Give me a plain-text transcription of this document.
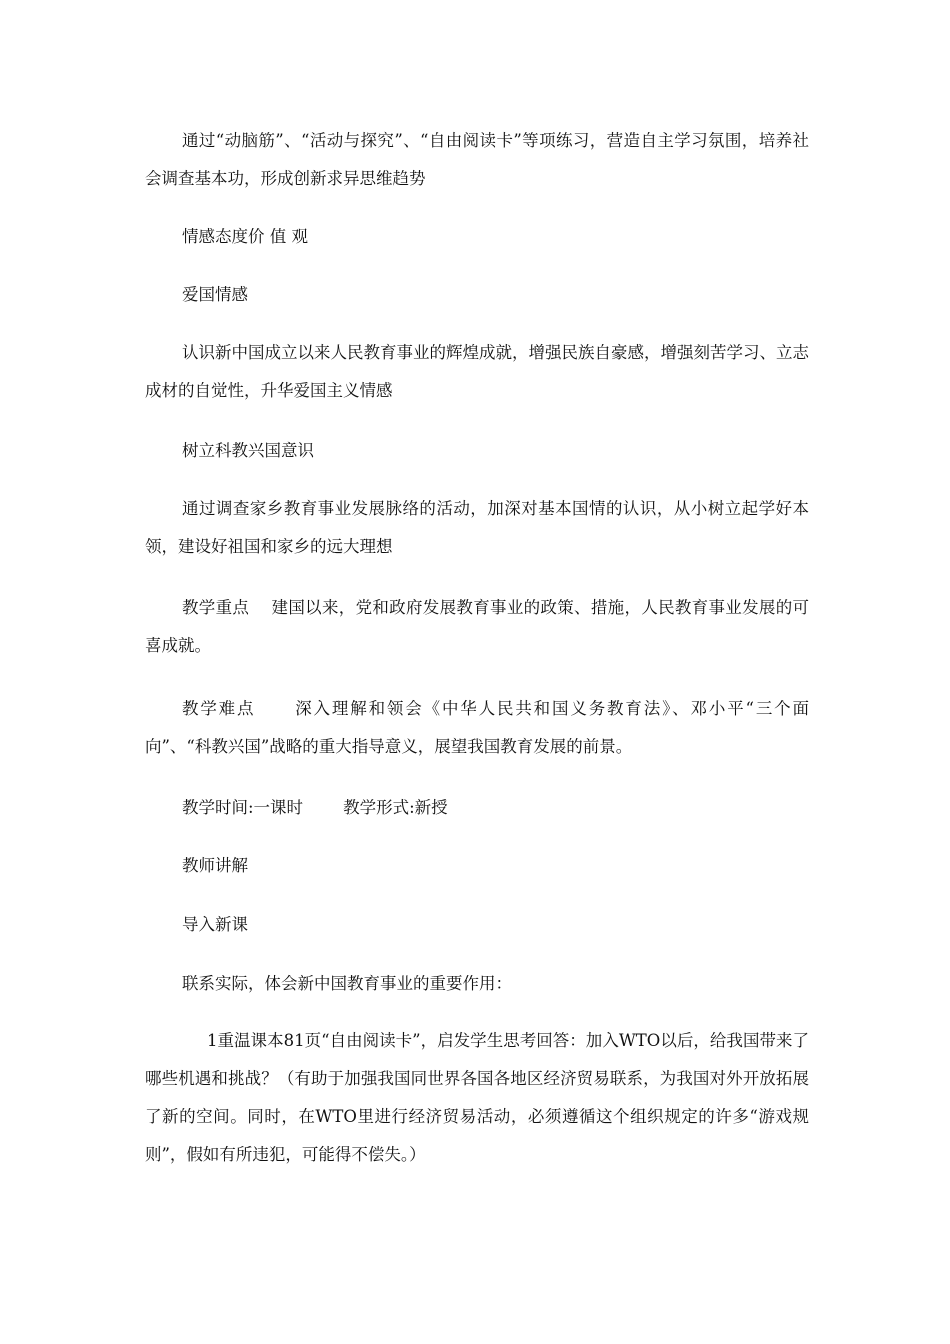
通过“动脑筋”、“活动与探究”、“自由阅读卡”等项练习，营造自主学习氛围，培养社会调查基本功，形成创新求异思维趋势

情感态度价 值 观

爱国情感

认识新中国成立以来人民教育事业的辉煌成就，增强民族自豪感，增强刻苦学习、立志成材的自觉性，升华爱国主义情感

树立科教兴国意识

通过调查家乡教育事业发展脉络的活动，加深对基本国情的认识，从小树立起学好本领，建设好祖国和家乡的远大理想

教学重点 建国以来，党和政府发展教育事业的政策、措施，人民教育事业发展的可喜成就。

教学难点 深入理解和领会《中华人民共和国义务教育法》、邓小平“三个面向”、“科教兴国”战略的重大指导意义，展望我国教育发展的前景。

教学时间:一课时 教学形式:新授

教师讲解

导入新课

联系实际，体会新中国教育事业的重要作用：

1重温课本81页“自由阅读卡”，启发学生思考回答：加入WTO以后，给我国带来了哪些机遇和挑战？（有助于加强我国同世界各国各地区经济贸易联系，为我国对外开放拓展了新的空间。同时，在WTO里进行经济贸易活动，必须遵循这个组织规定的许多“游戏规则”，假如有所违犯，可能得不偿失。）
